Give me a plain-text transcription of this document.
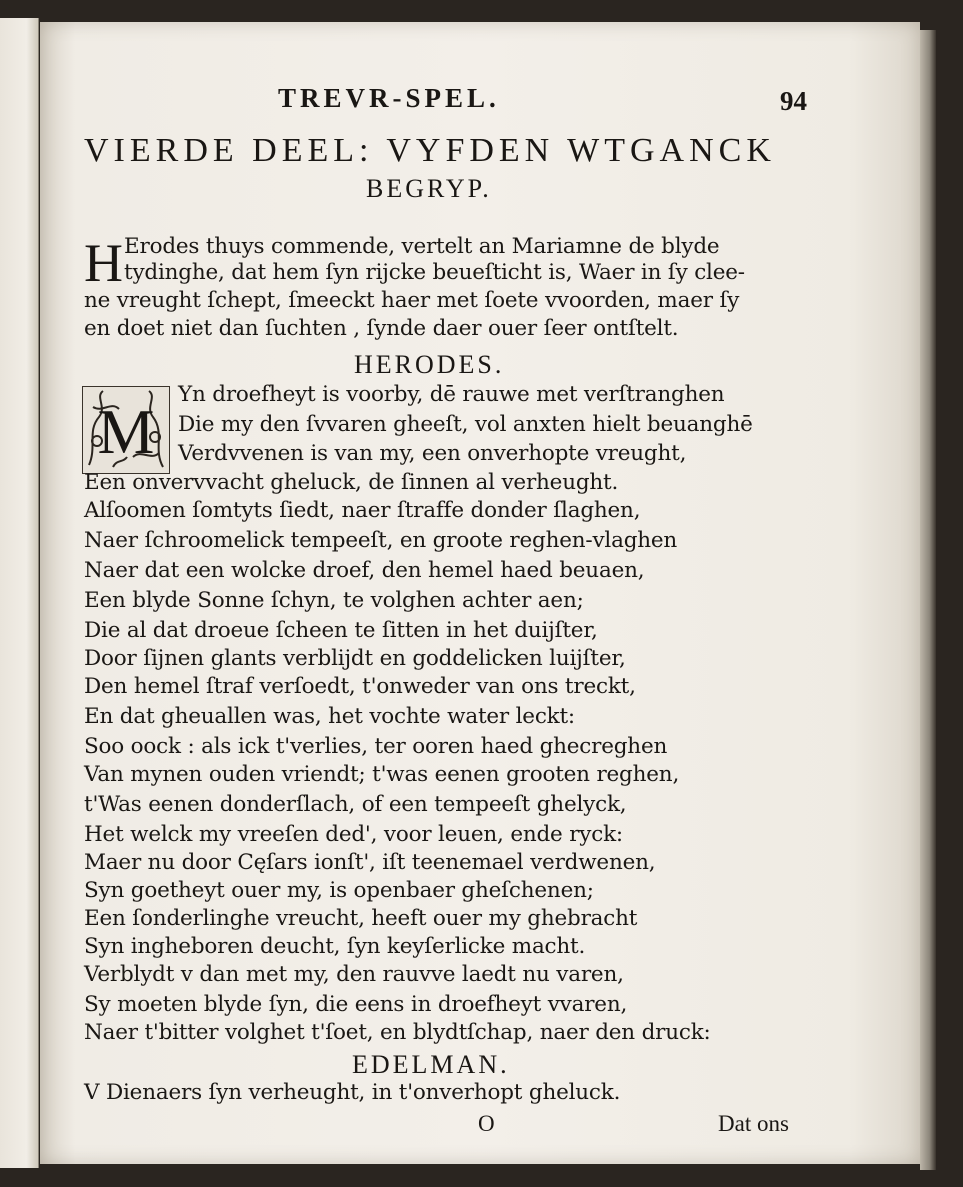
TREVR-SPEL.	94

VIERDE DEEL: VYFDEN WTGANCK

BEGRYP.

H Erodes thuys commende, vertelt an Mariamne de blyde

tydinghe, dat hem ſyn rijcke beueſticht is, Waer in ſy clee-

ne vreught ſchept, ſmeeckt haer met ſoete vvoorden, maer ſy

en doet niet dan ſuchten , ſynde daer ouer ſeer ontſtelt.

HERODES.

M

Yn droefheyt is voorby, dē rauwe met verſtranghen

Die my den ſvvaren gheeſt, vol anxten hielt beuanghē

Verdvvenen is van my, een onverhopte vreught,

Een onvervvacht gheluck, de ſinnen al verheught.

Alſoomen ſomtyts ſiedt, naer ſtraffe donder ſlaghen,

Naer ſchroomelick tempeeſt, en groote reghen-vlaghen

Naer dat een wolcke droef, den hemel haed beuaen,

Een blyde Sonne ſchyn, te volghen achter aen;

Die al dat droeue ſcheen te ſitten in het duijſter,

Door ſijnen glants verblijdt en goddelicken luijſter,

Den hemel ſtraf verſoedt, t'onweder van ons treckt,

En dat gheuallen was, het vochte water leckt:

Soo oock : als ick t'verlies, ter ooren haed ghecreghen

Van mynen ouden vriendt; t'was eenen grooten reghen,

t'Was eenen donderſlach, of een tempeeſt ghelyck,

Het welck my vreeſen ded', voor leuen, ende ryck:

Maer nu door Cęſars ionſt', iſt teenemael verdwenen,

Syn goetheyt ouer my, is openbaer gheſchenen;

Een ſonderlinghe vreucht, heeft ouer my ghebracht

Syn ingheboren deucht, ſyn keyſerlicke macht.

Verblydt v dan met my, den rauvve laedt nu varen,

Sy moeten blyde ſyn, die eens in droefheyt vvaren,

Naer t'bitter volghet t'ſoet, en blydtſchap, naer den druck:

EDELMAN.

V Dienaers ſyn verheught, in t'onverhopt gheluck.

O	Dat ons
